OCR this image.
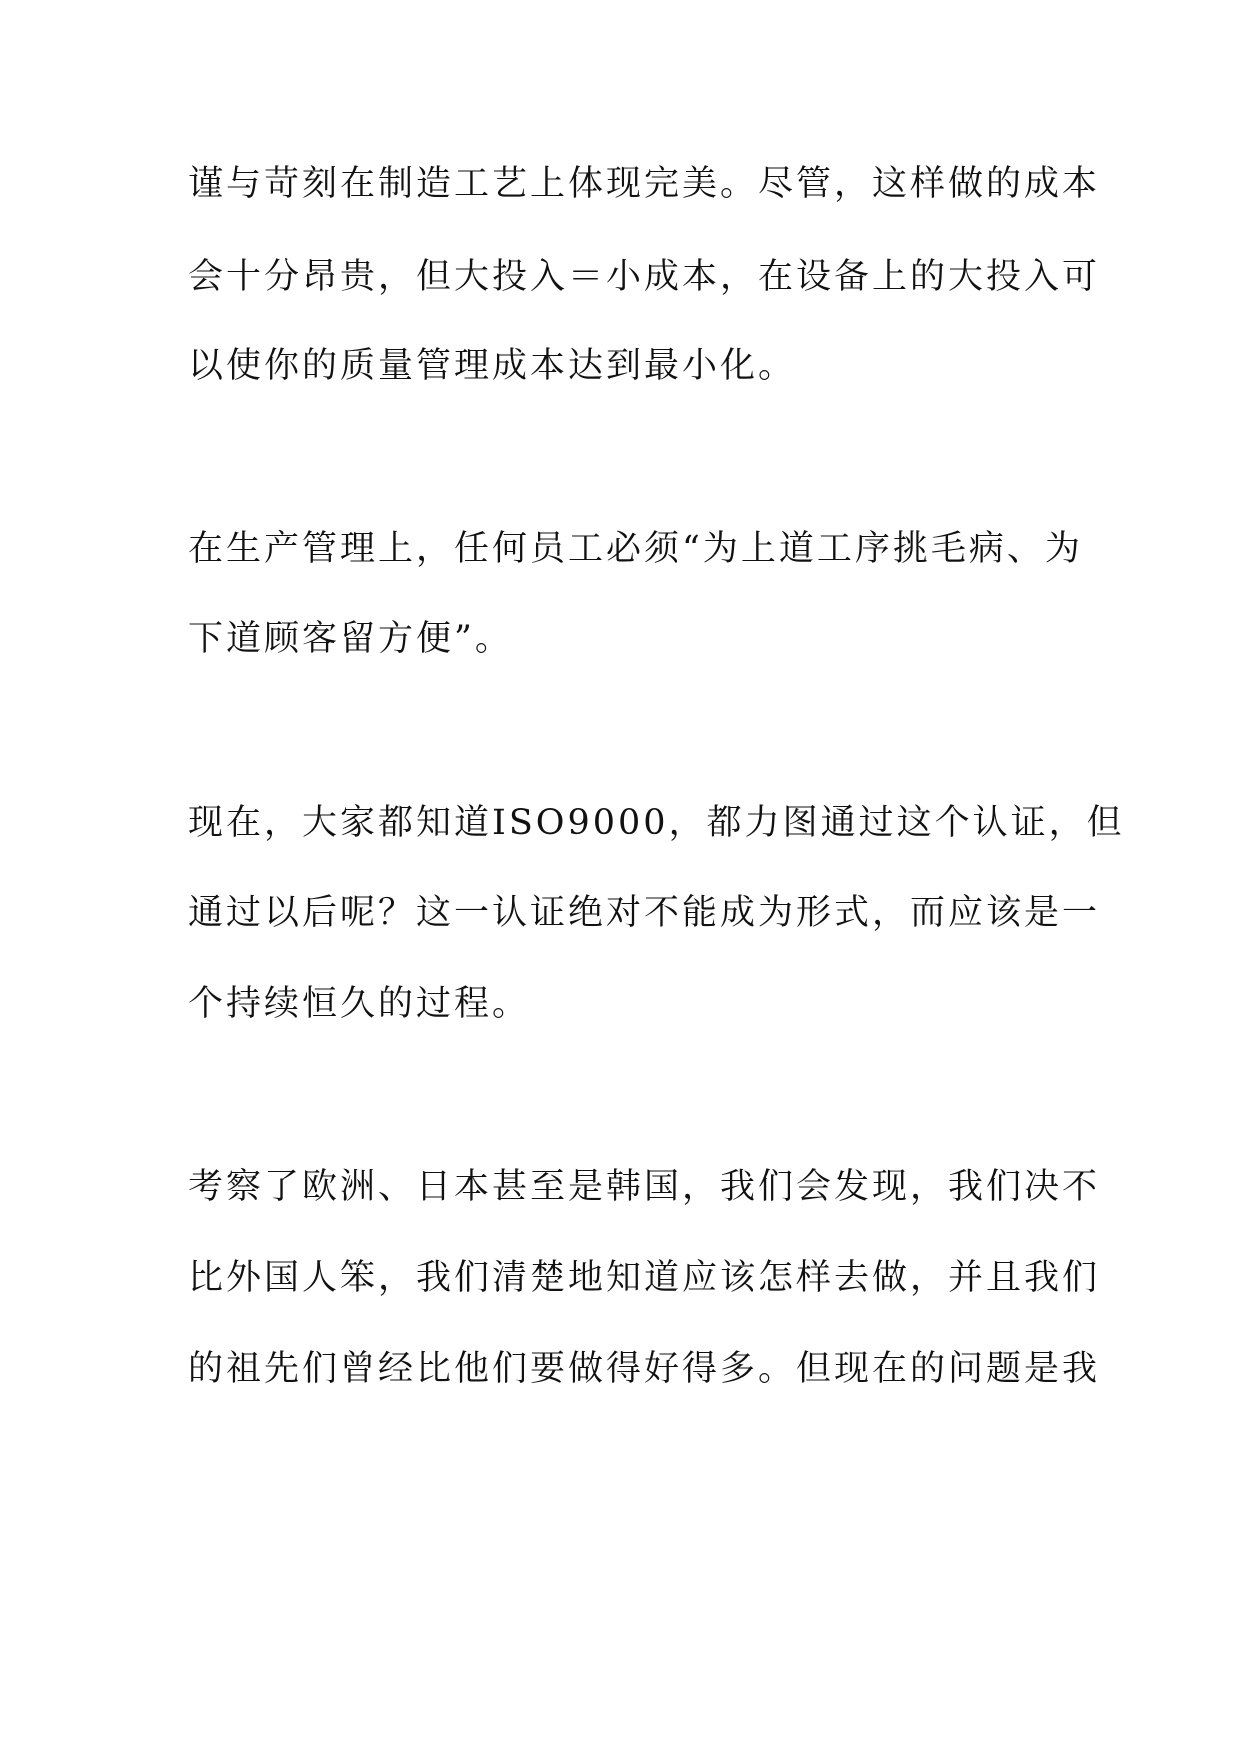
谨与苛刻在制造工艺上体现完美。尽管，这样做的成本

会十分昂贵，但大投入＝小成本，在设备上的大投入可

以使你的质量管理成本达到最小化。

在生产管理上，任何员工必须“为上道工序挑毛病、为

下道顾客留方便”。

现在，大家都知道ISO9000，都力图通过这个认证，但

通过以后呢？这一认证绝对不能成为形式，而应该是一

个持续恒久的过程。

考察了欧洲、日本甚至是韩国，我们会发现，我们决不

比外国人笨，我们清楚地知道应该怎样去做，并且我们

的祖先们曾经比他们要做得好得多。但现在的问题是我
